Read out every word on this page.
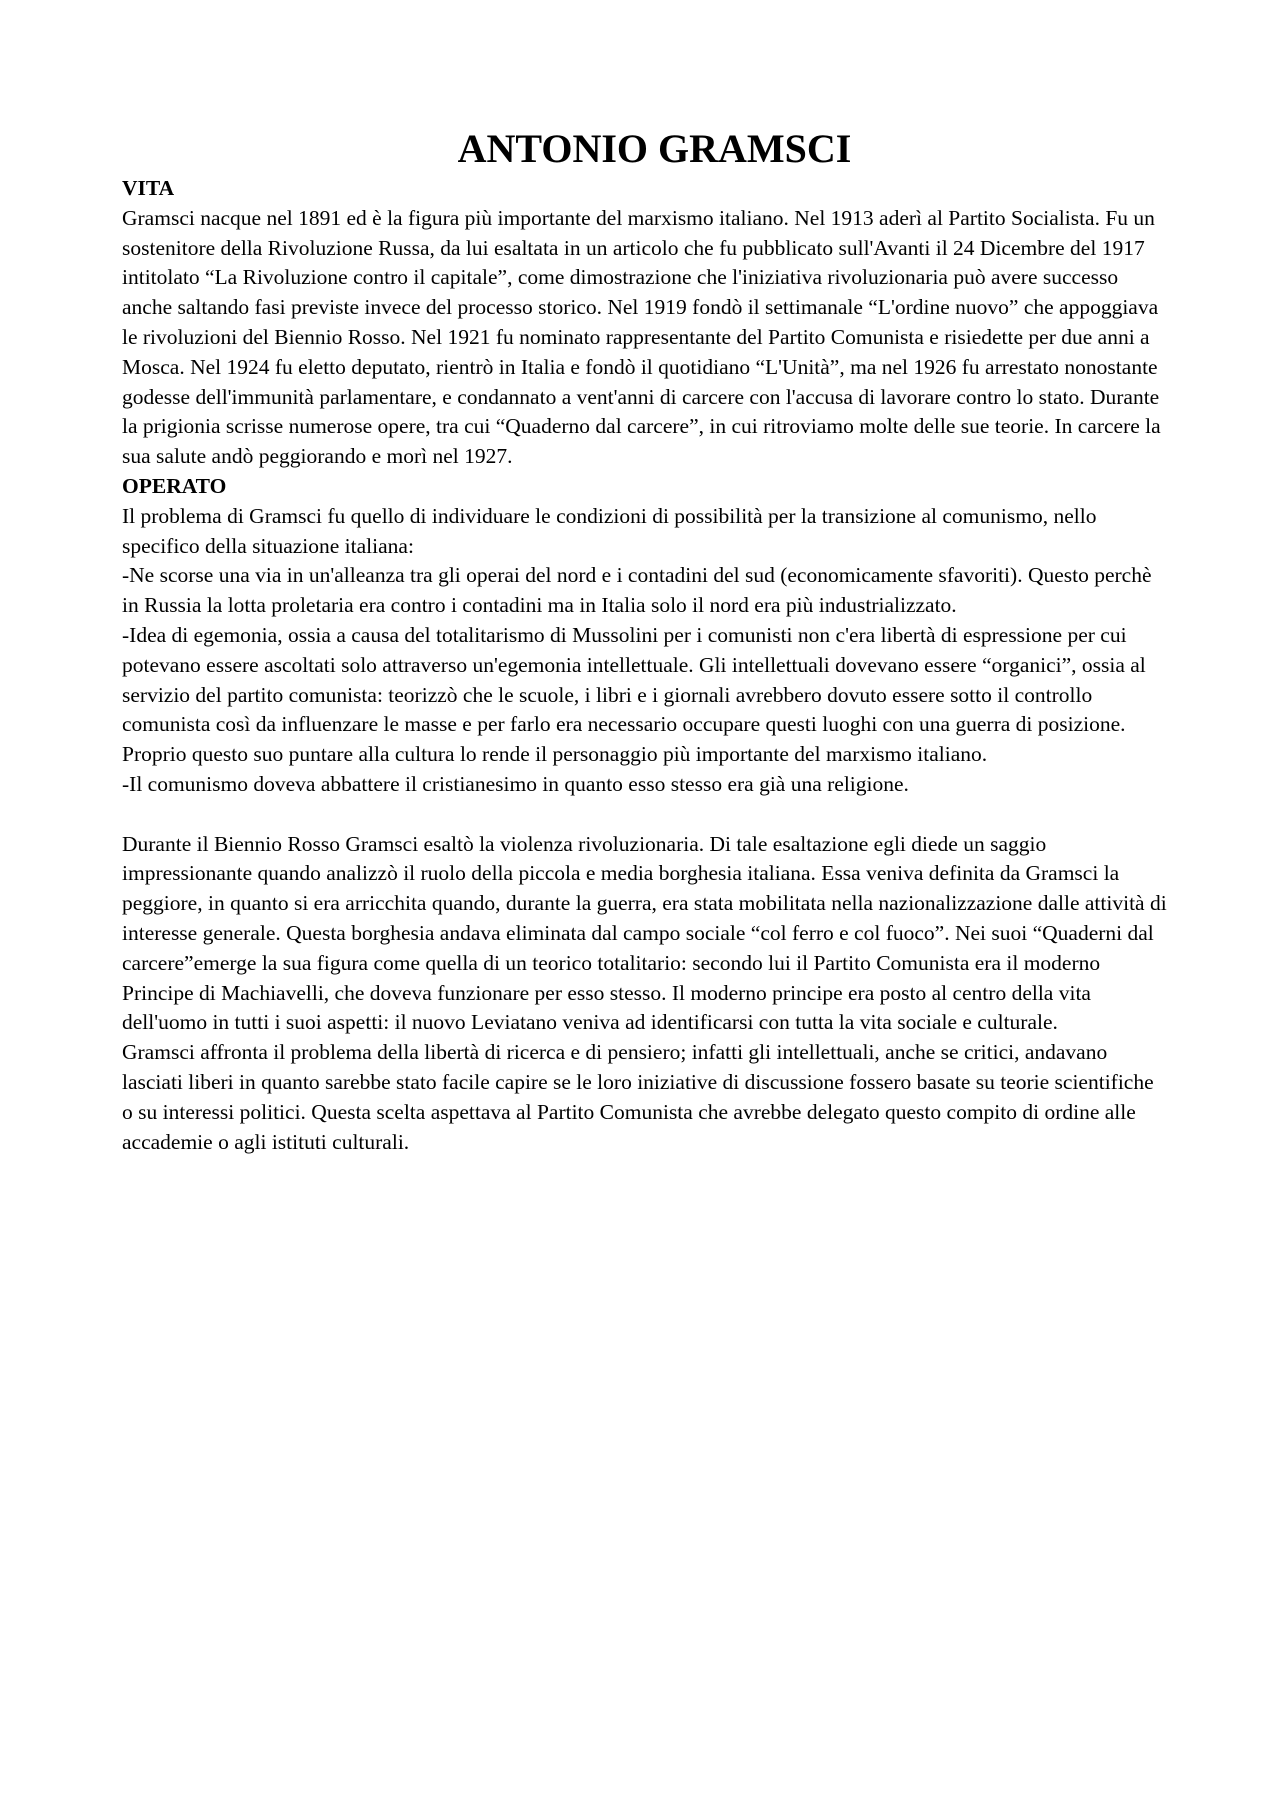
ANTONIO GRAMSCI
VITA

Gramsci nacque nel 1891 ed è la figura più importante del marxismo italiano. Nel 1913 aderì al Partito Socialista. Fu un sostenitore della Rivoluzione Russa, da lui esaltata in un articolo che fu pubblicato sull'Avanti il 24 Dicembre del 1917 intitolato “La Rivoluzione contro il capitale”, come dimostrazione che l'iniziativa rivoluzionaria può avere successo anche saltando fasi previste invece del processo storico. Nel 1919 fondò il settimanale “L'ordine nuovo” che appoggiava le rivoluzioni del Biennio Rosso. Nel 1921 fu nominato rappresentante del Partito Comunista e risiedette per due anni a Mosca. Nel 1924 fu eletto deputato, rientrò in Italia e fondò il quotidiano “L'Unità”, ma nel 1926 fu arrestato nonostante godesse dell'immunità parlamentare, e condannato a vent'anni di carcere con l'accusa di lavorare contro lo stato. Durante la prigionia scrisse numerose opere, tra cui “Quaderno dal carcere”, in cui ritroviamo molte delle sue teorie. In carcere la sua salute andò peggiorando e morì nel 1927.

OPERATO

Il problema di Gramsci fu quello di individuare le condizioni di possibilità per la transizione al comunismo, nello specifico della situazione italiana:

-Ne scorse una via in un'alleanza tra gli operai del nord e i contadini del sud (economicamente sfavoriti). Questo perchè in Russia la lotta proletaria era contro i contadini ma in Italia solo il nord era più industrializzato.

-Idea di egemonia, ossia a causa del totalitarismo di Mussolini per i comunisti non c'era libertà di espressione per cui potevano essere ascoltati solo attraverso un'egemonia intellettuale. Gli intellettuali dovevano essere “organici”, ossia al servizio del partito comunista: teorizzò che le scuole, i libri e i giornali avrebbero dovuto essere sotto il controllo comunista così da influenzare le masse e per farlo era necessario occupare questi luoghi con una guerra di posizione. Proprio questo suo puntare alla cultura lo rende il personaggio più importante del marxismo italiano.

-Il comunismo doveva abbattere il cristianesimo in quanto esso stesso era già una religione.

Durante il Biennio Rosso Gramsci esaltò la violenza rivoluzionaria. Di tale esaltazione egli diede un saggio impressionante quando analizzò il ruolo della piccola e media borghesia italiana. Essa veniva definita da Gramsci la peggiore, in quanto si era arricchita quando, durante la guerra, era stata mobilitata nella nazionalizzazione dalle attività di interesse generale. Questa borghesia andava eliminata dal campo sociale “col ferro e col fuoco”. Nei suoi “Quaderni dal carcere”emerge la sua figura come quella di un teorico totalitario: secondo lui il Partito Comunista era il moderno Principe di Machiavelli, che doveva funzionare per esso stesso. Il moderno principe era posto al centro della vita dell'uomo in tutti i suoi aspetti: il nuovo Leviatano veniva ad identificarsi con tutta la vita sociale e culturale.

Gramsci affronta il problema della libertà di ricerca e di pensiero; infatti gli intellettuali, anche se critici, andavano lasciati liberi in quanto sarebbe stato facile capire se le loro iniziative di discussione fossero basate su teorie scientifiche o su interessi politici. Questa scelta aspettava al Partito Comunista che avrebbe delegato questo compito di ordine alle accademie o agli istituti culturali.
